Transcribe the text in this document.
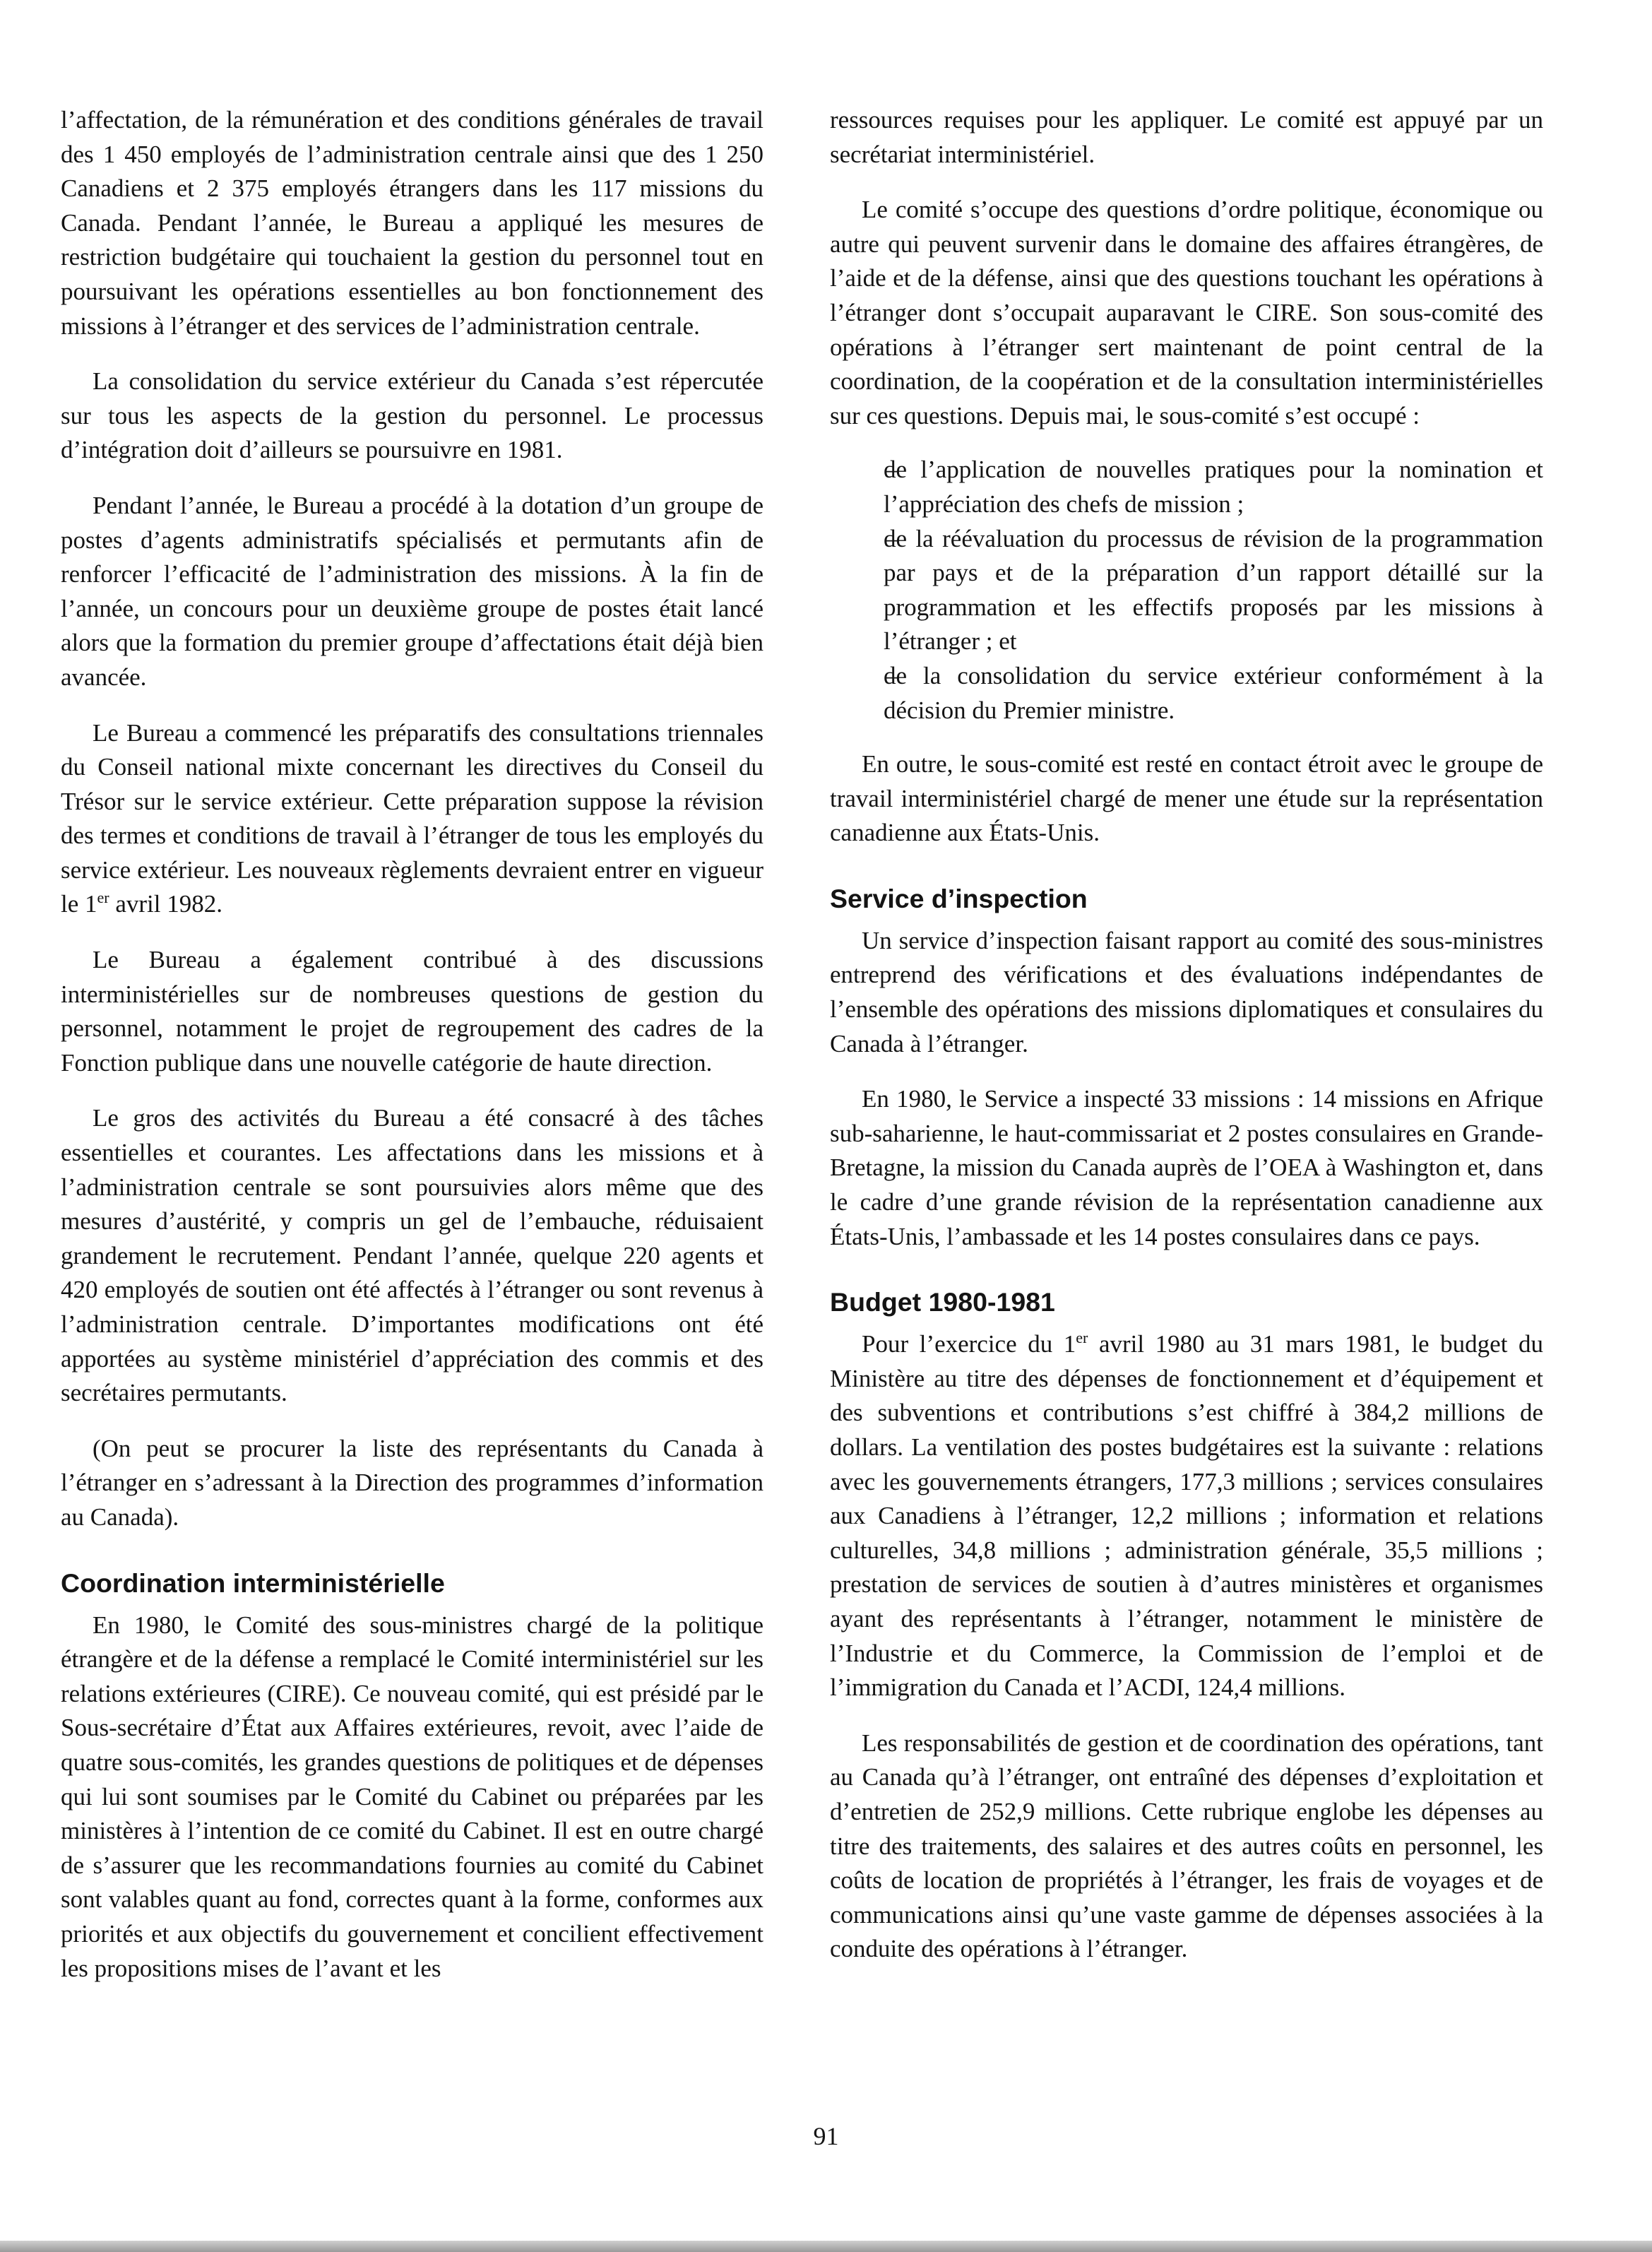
l’affectation, de la rémunération et des conditions générales de travail des 1 450 employés de l’administration centrale ainsi que des 1 250 Canadiens et 2 375 employés étrangers dans les 117 missions du Canada. Pendant l’année, le Bureau a appliqué les mesures de restriction budgétaire qui touchaient la gestion du personnel tout en poursuivant les opérations essentielles au bon fonctionnement des missions à l’étranger et des services de l’administration centrale.

La consolidation du service extérieur du Canada s’est répercutée sur tous les aspects de la gestion du personnel. Le processus d’intégration doit d’ailleurs se poursuivre en 1981.

Pendant l’année, le Bureau a procédé à la dotation d’un groupe de postes d’agents administratifs spécialisés et permutants afin de renforcer l’efficacité de l’administration des missions. À la fin de l’année, un concours pour un deuxième groupe de postes était lancé alors que la formation du premier groupe d’affectations était déjà bien avancée.

Le Bureau a commencé les préparatifs des consultations triennales du Conseil national mixte concernant les directives du Conseil du Trésor sur le service extérieur. Cette préparation suppose la révision des termes et conditions de travail à l’étranger de tous les employés du service extérieur. Les nouveaux règlements devraient entrer en vigueur le 1er avril 1982.

Le Bureau a également contribué à des discussions interministérielles sur de nombreuses questions de gestion du personnel, notamment le projet de regroupement des cadres de la Fonction publique dans une nouvelle catégorie de haute direction.

Le gros des activités du Bureau a été consacré à des tâches essentielles et courantes. Les affectations dans les missions et à l’administration centrale se sont poursuivies alors même que des mesures d’austérité, y compris un gel de l’embauche, réduisaient grandement le recrutement. Pendant l’année, quelque 220 agents et 420 employés de soutien ont été affectés à l’étranger ou sont revenus à l’administration centrale. D’importantes modifications ont été apportées au système ministériel d’appréciation des commis et des secrétaires permutants.

(On peut se procurer la liste des représentants du Canada à l’étranger en s’adressant à la Direction des programmes d’information au Canada).

Coordination interministérielle

En 1980, le Comité des sous-ministres chargé de la politique étrangère et de la défense a remplacé le Comité interministériel sur les relations extérieures (CIRE). Ce nouveau comité, qui est présidé par le Sous-secrétaire d’État aux Affaires extérieures, revoit, avec l’aide de quatre sous-comités, les grandes questions de politiques et de dépenses qui lui sont soumises par le Comité du Cabinet ou préparées par les ministères à l’intention de ce comité du Cabinet. Il est en outre chargé de s’assurer que les recommandations fournies au comité du Cabinet sont valables quant au fond, correctes quant à la forme, conformes aux priorités et aux objectifs du gouvernement et concilient effectivement les propositions mises de l’avant et les

ressources requises pour les appliquer. Le comité est appuyé par un secrétariat interministériel.

Le comité s’occupe des questions d’ordre politique, économique ou autre qui peuvent survenir dans le domaine des affaires étrangères, de l’aide et de la défense, ainsi que des questions touchant les opérations à l’étranger dont s’occupait auparavant le CIRE. Son sous-comité des opérations à l’étranger sert maintenant de point central de la coordination, de la coopération et de la consultation interministérielles sur ces questions. Depuis mai, le sous-comité s’est occupé :

– de l’application de nouvelles pratiques pour la nomination et l’appréciation des chefs de mission ;
– de la réévaluation du processus de révision de la programmation par pays et de la préparation d’un rapport détaillé sur la programmation et les effectifs proposés par les missions à l’étranger ; et
– de la consolidation du service extérieur conformément à la décision du Premier ministre.

En outre, le sous-comité est resté en contact étroit avec le groupe de travail interministériel chargé de mener une étude sur la représentation canadienne aux États-Unis.

Service d’inspection

Un service d’inspection faisant rapport au comité des sous-ministres entreprend des vérifications et des évaluations indépendantes de l’ensemble des opérations des missions diplomatiques et consulaires du Canada à l’étranger.

En 1980, le Service a inspecté 33 missions : 14 missions en Afrique sub-saharienne, le haut-commissariat et 2 postes consulaires en Grande-Bretagne, la mission du Canada auprès de l’OEA à Washington et, dans le cadre d’une grande révision de la représentation canadienne aux États-Unis, l’ambassade et les 14 postes consulaires dans ce pays.

Budget 1980-1981

Pour l’exercice du 1er avril 1980 au 31 mars 1981, le budget du Ministère au titre des dépenses de fonctionnement et d’équipement et des subventions et contributions s’est chiffré à 384,2 millions de dollars. La ventilation des postes budgétaires est la suivante : relations avec les gouvernements étrangers, 177,3 millions ; services consulaires aux Canadiens à l’étranger, 12,2 millions ; information et relations culturelles, 34,8 millions ; administration générale, 35,5 millions ; prestation de services de soutien à d’autres ministères et organismes ayant des représentants à l’étranger, notamment le ministère de l’Industrie et du Commerce, la Commission de l’emploi et de l’immigration du Canada et l’ACDI, 124,4 millions.

Les responsabilités de gestion et de coordination des opérations, tant au Canada qu’à l’étranger, ont entraîné des dépenses d’exploitation et d’entretien de 252,9 millions. Cette rubrique englobe les dépenses au titre des traitements, des salaires et des autres coûts en personnel, les coûts de location de propriétés à l’étranger, les frais de voyages et de communications ainsi qu’une vaste gamme de dépenses associées à la conduite des opérations à l’étranger.

91
